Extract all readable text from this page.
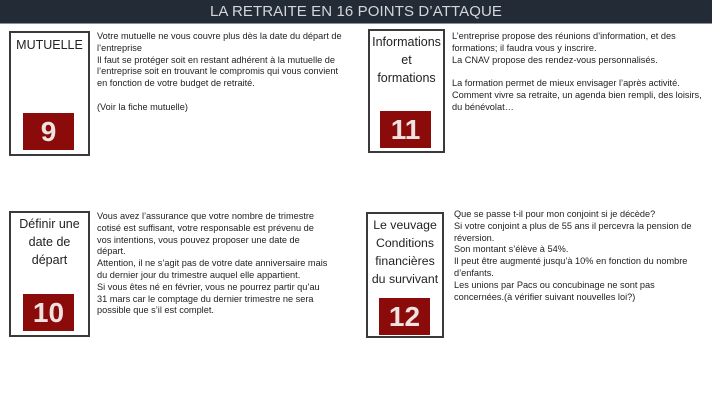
LA RETRAITE EN 16 POINTS D’ATTAQUE
MUTUELLE
9

Votre mutuelle ne vous couvre plus dès la date du départ de l’entreprise

Il faut se protéger soit en restant adhérent à la mutuelle de l’entreprise soit en trouvant le compromis qui vous convient en fonction de votre budget de retraité.

(Voir la fiche mutuelle)

Informations
et
formations
11

L’entreprise propose des réunions d’information, et des formations; il faudra vous y inscrire.

La CNAV propose des rendez-vous personnalisés.

La formation permet de mieux envisager l’après activité. Comment vivre sa retraite, un agenda bien rempli, des loisirs, du bénévolat…

Définir une
date de
départ
10

Vous avez l’assurance que votre nombre de trimestre cotisé est suffisant, votre responsable est prévenu de vos intentions, vous pouvez proposer une date de départ.

Attention, il ne s’agit pas de votre date anniversaire mais du dernier jour du trimestre auquel elle appartient.

Si vous êtes né en février, vous ne pourrez partir qu’au 31 mars car le comptage du dernier trimestre ne sera possible que s’il est complet.

Le veuvage
Conditions
financières
du survivant
12

Que se passe t-il pour mon conjoint si je décède?

Si votre conjoint a plus de 55 ans il percevra la pension de réversion.

Son montant s’élève à 54%.

Il peut être augmenté jusqu’à 10% en fonction du nombre d’enfants.

Les unions par Pacs ou concubinage ne sont pas concernées.(à vérifier suivant nouvelles loi?)
